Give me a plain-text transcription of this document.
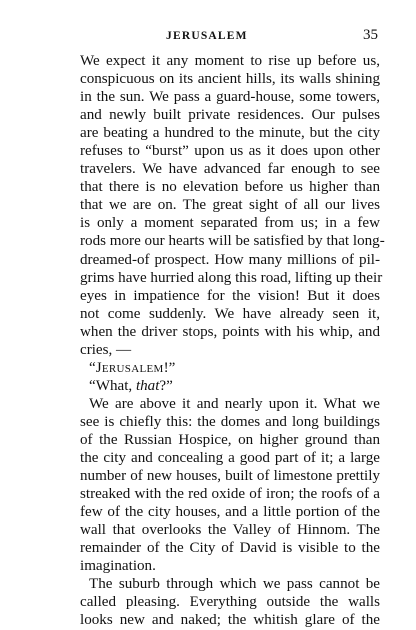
JERUSALEM	35
We expect it any moment to rise up before us,
conspicuous on its ancient hills, its walls shining
in the sun. We pass a guard-house, some towers,
and newly built private residences. Our pulses
are beating a hundred to the minute, but the city
refuses to “burst” upon us as it does upon other
travelers. We have advanced far enough to see
that there is no elevation before us higher than
that we are on. The great sight of all our lives
is only a moment separated from us; in a few
rods more our hearts will be satisfied by that long-
dreamed-of prospect. How many millions of pil-
grims have hurried along this road, lifting up their
eyes in impatience for the vision! But it does
not come suddenly. We have already seen it,
when the driver stops, points with his whip, and
cries, —
“Jerusalem!”
“What, that?”
We are above it and nearly upon it. What we
see is chiefly this: the domes and long buildings
of the Russian Hospice, on higher ground than
the city and concealing a good part of it; a large
number of new houses, built of limestone prettily
streaked with the red oxide of iron; the roofs of a
few of the city houses, and a little portion of the
wall that overlooks the Valley of Hinnom. The
remainder of the City of David is visible to the
imagination.
The suburb through which we pass cannot be
called pleasing. Everything outside the walls
looks new and naked; the whitish glare of the
